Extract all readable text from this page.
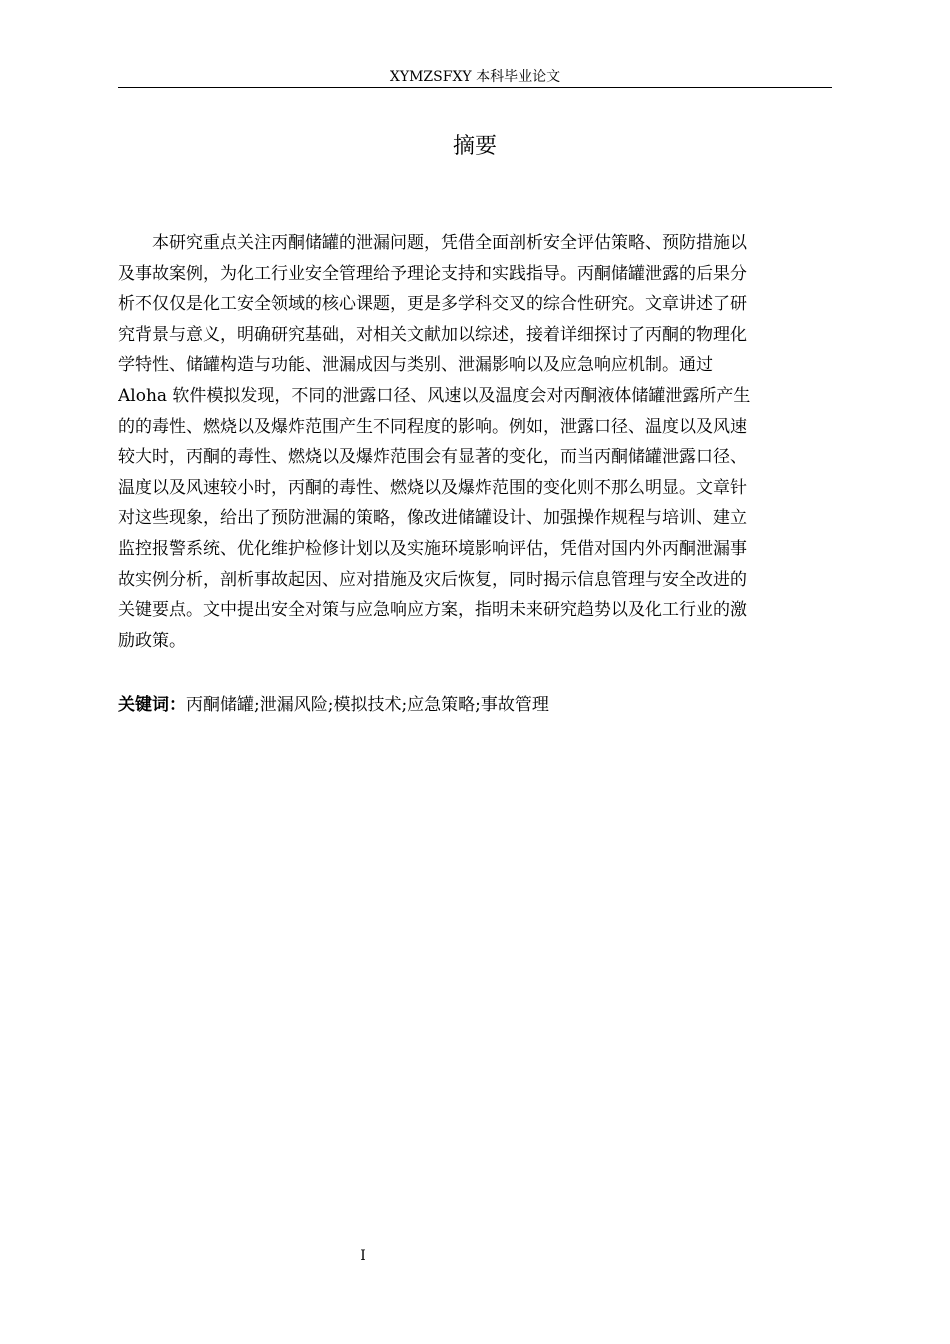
XYMZSFXY 本科毕业论文
摘要
本研究重点关注丙酮储罐的泄漏问题，凭借全面剖析安全评估策略、预防措施以
及事故案例，为化工行业安全管理给予理论支持和实践指导。丙酮储罐泄露的后果分
析不仅仅是化工安全领域的核心课题，更是多学科交叉的综合性研究。文章讲述了研
究背景与意义，明确研究基础，对相关文献加以综述，接着详细探讨了丙酮的物理化
学特性、储罐构造与功能、泄漏成因与类别、泄漏影响以及应急响应机制。通过
Aloha 软件模拟发现，不同的泄露口径、风速以及温度会对丙酮液体储罐泄露所产生
的的毒性、燃烧以及爆炸范围产生不同程度的影响。例如，泄露口径、温度以及风速
较大时，丙酮的毒性、燃烧以及爆炸范围会有显著的变化，而当丙酮储罐泄露口径、
温度以及风速较小时，丙酮的毒性、燃烧以及爆炸范围的变化则不那么明显。文章针
对这些现象，给出了预防泄漏的策略，像改进储罐设计、加强操作规程与培训、建立
监控报警系统、优化维护检修计划以及实施环境影响评估，凭借对国内外丙酮泄漏事
故实例分析，剖析事故起因、应对措施及灾后恢复，同时揭示信息管理与安全改进的
关键要点。文中提出安全对策与应急响应方案，指明未来研究趋势以及化工行业的激
励政策。
关键词：丙酮储罐;泄漏风险;模拟技术;应急策略;事故管理
I
